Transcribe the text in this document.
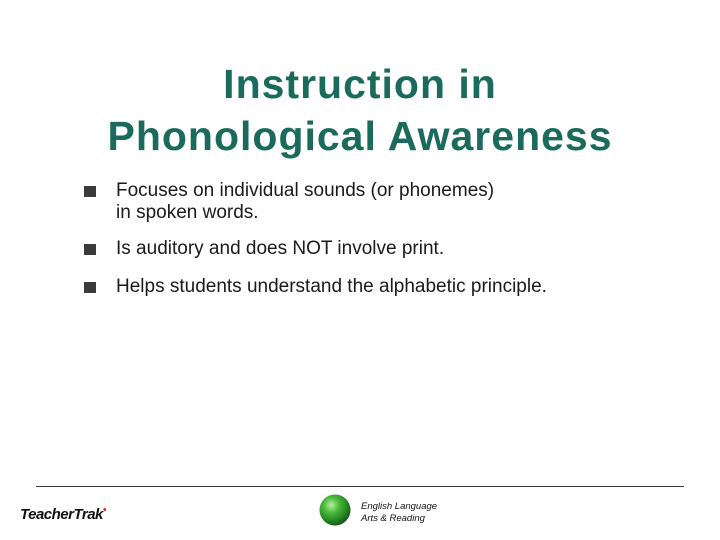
Instruction in
Phonological Awareness
Focuses on individual sounds (or phonemes)
in spoken words.
Is auditory and does NOT involve print.
Helps students understand the alphabetic principle.
TeacherTrak•	English Language
Arts & Reading
